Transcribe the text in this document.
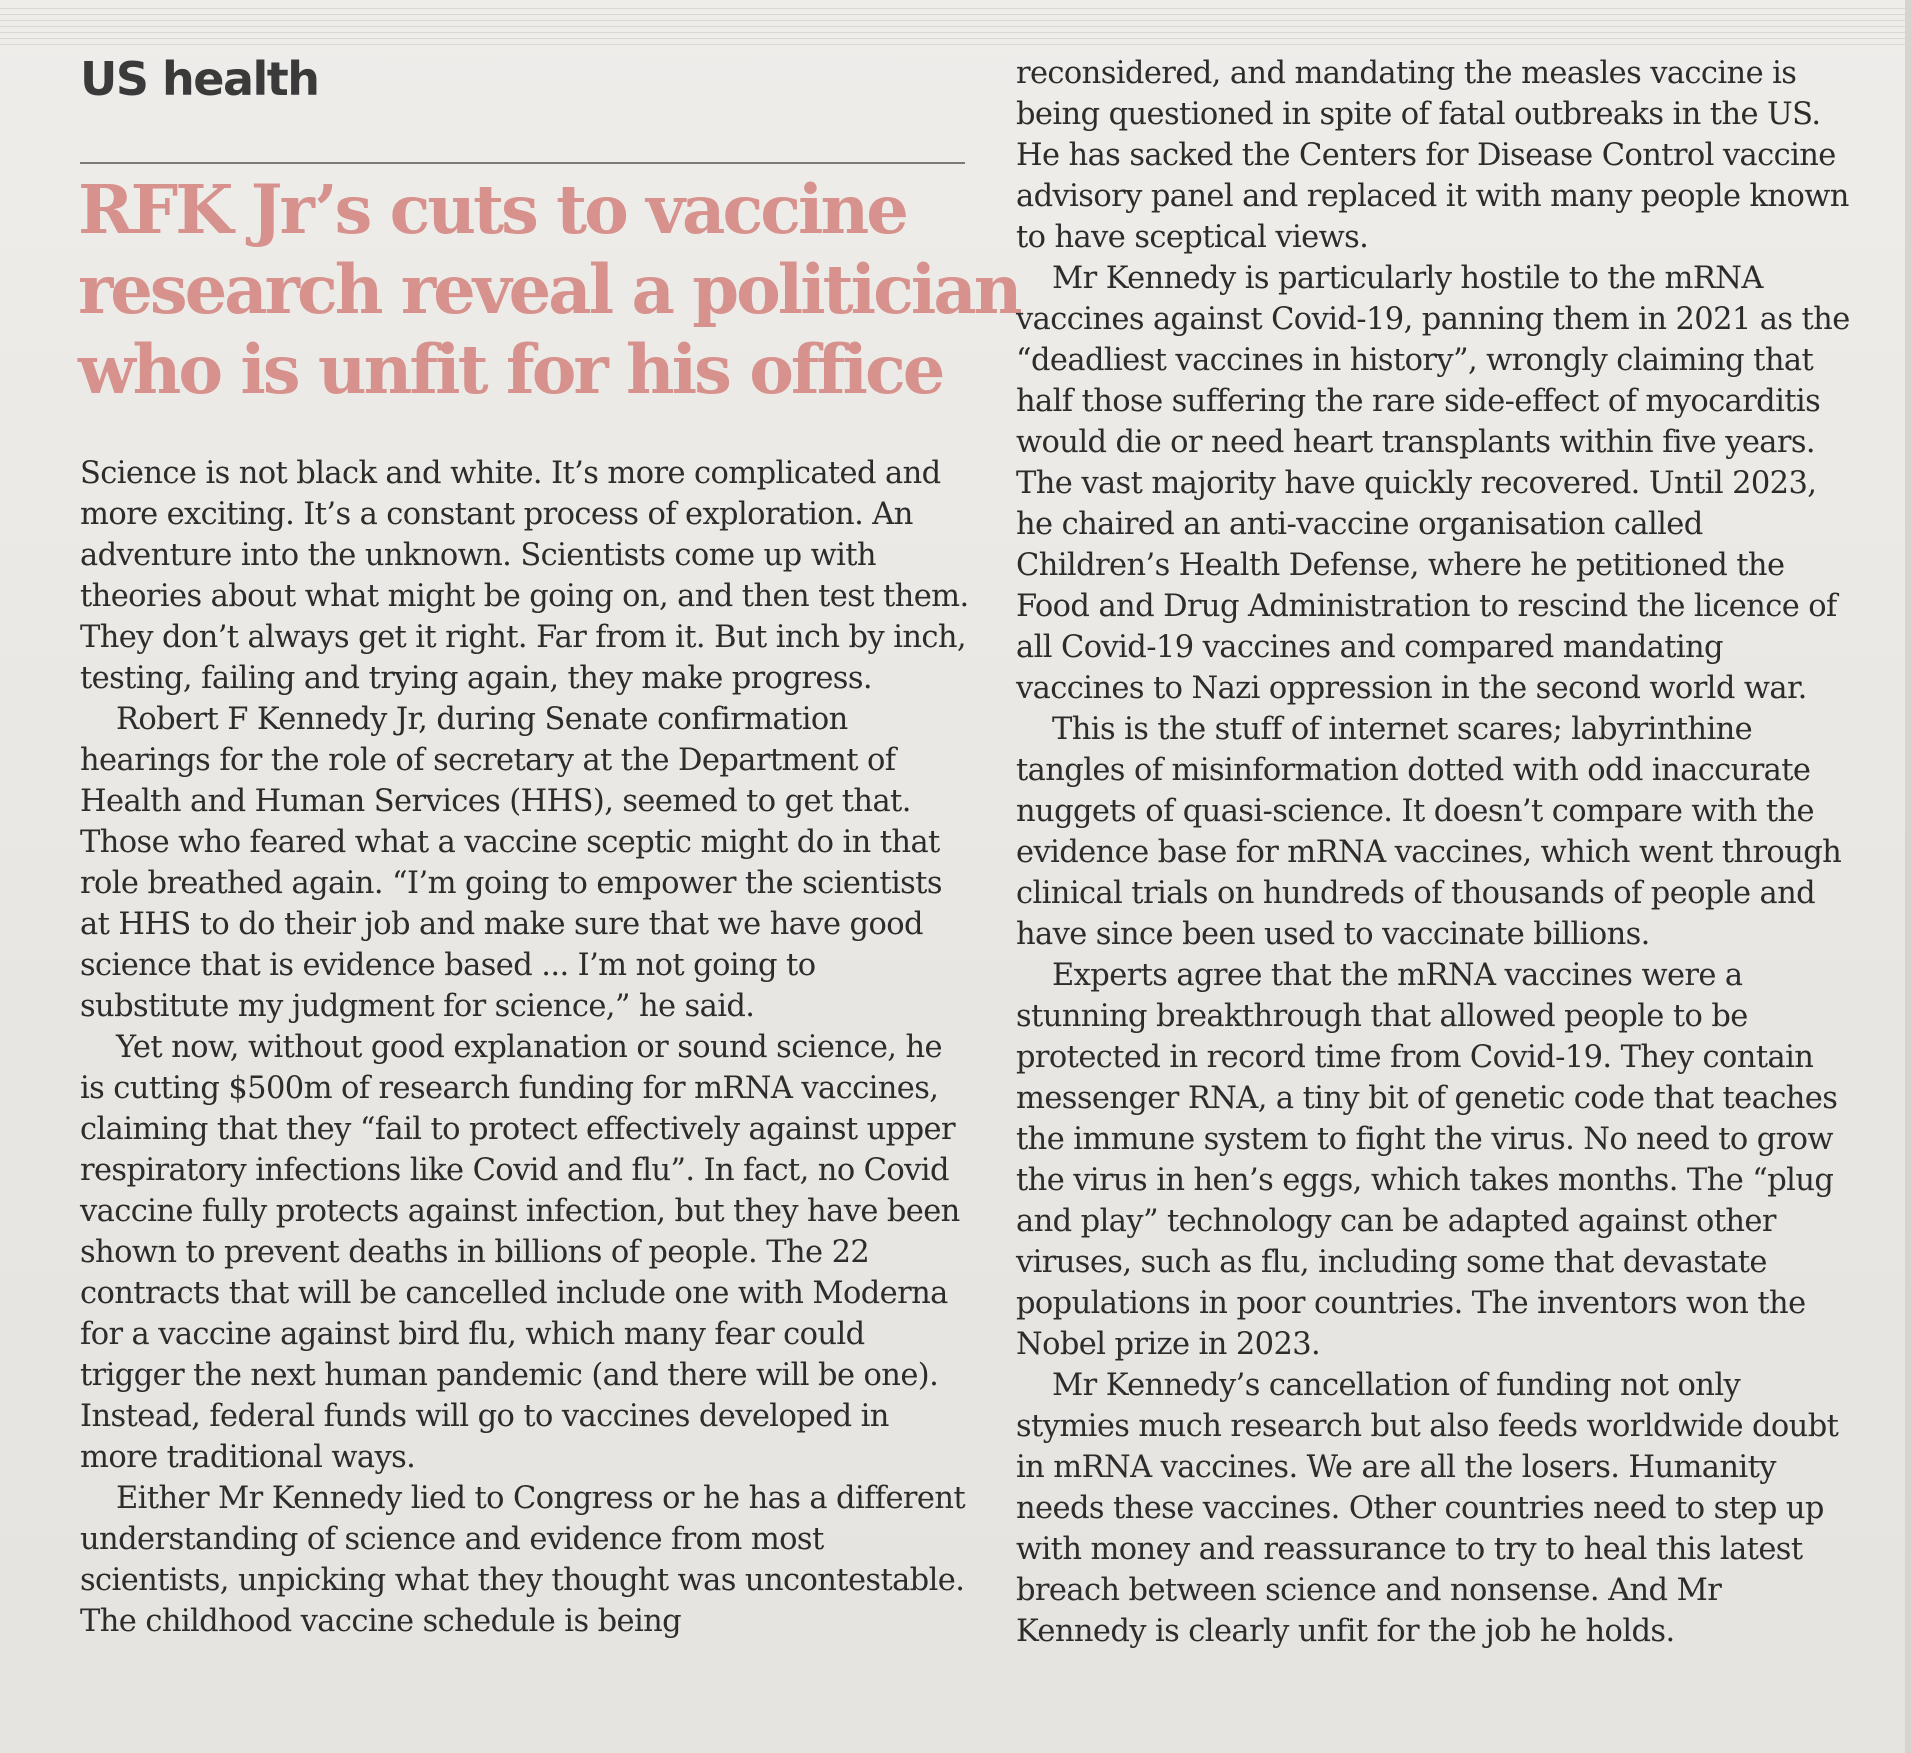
US health
RFK Jr’s cuts to vaccine
research reveal a politician
who is unfit for his office

Science is not black and white. It’s more complicated and more exciting. It’s a constant process of exploration. An adventure into the unknown. Scientists come up with theories about what might be going on, and then test them. They don’t always get it right. Far from it. But inch by inch, testing, failing and trying again, they make progress.

Robert F Kennedy Jr, during Senate confirmation hearings for the role of secretary at the Department of Health and Human Services (HHS), seemed to get that. Those who feared what a vaccine sceptic might do in that role breathed again. “I’m going to empower the scientists at HHS to do their job and make sure that we have good science that is evidence based ... I’m not going to substitute my judgment for science,” he said.

Yet now, without good explanation or sound science, he is cutting $500m of research funding for mRNA vaccines, claiming that they “fail to protect effectively against upper respiratory infections like Covid and flu”. In fact, no Covid vaccine fully protects against infection, but they have been shown to prevent deaths in billions of people. The 22 contracts that will be cancelled include one with Moderna for a vaccine against bird flu, which many fear could trigger the next human pandemic (and there will be one). Instead, federal funds will go to vaccines developed in more traditional ways.

Either Mr Kennedy lied to Congress or he has a different understanding of science and evidence from most scientists, unpicking what they thought was uncontestable. The childhood vaccine schedule is being

reconsidered, and mandating the measles vaccine is being questioned in spite of fatal outbreaks in the US. He has sacked the Centers for Disease Control vaccine advisory panel and replaced it with many people known to have sceptical views.

Mr Kennedy is particularly hostile to the mRNA vaccines against Covid-19, panning them in 2021 as the “deadliest vaccines in history”, wrongly claiming that half those suffering the rare side-effect of myocarditis would die or need heart transplants within five years. The vast majority have quickly recovered. Until 2023, he chaired an anti-vaccine organisation called Children’s Health Defense, where he petitioned the Food and Drug Administration to rescind the licence of all Covid-19 vaccines and compared mandating vaccines to Nazi oppression in the second world war.

This is the stuff of internet scares; labyrinthine tangles of misinformation dotted with odd inaccurate nuggets of quasi-science. It doesn’t compare with the evidence base for mRNA vaccines, which went through clinical trials on hundreds of thousands of people and have since been used to vaccinate billions.

Experts agree that the mRNA vaccines were a stunning breakthrough that allowed people to be protected in record time from Covid-19. They contain messenger RNA, a tiny bit of genetic code that teaches the immune system to fight the virus. No need to grow the virus in hen’s eggs, which takes months. The “plug and play” technology can be adapted against other viruses, such as flu, including some that devastate populations in poor countries. The inventors won the Nobel prize in 2023.

Mr Kennedy’s cancellation of funding not only stymies much research but also feeds worldwide doubt in mRNA vaccines. We are all the losers. Humanity needs these vaccines. Other countries need to step up with money and reassurance to try to heal this latest breach between science and nonsense. And Mr Kennedy is clearly unfit for the job he holds.
